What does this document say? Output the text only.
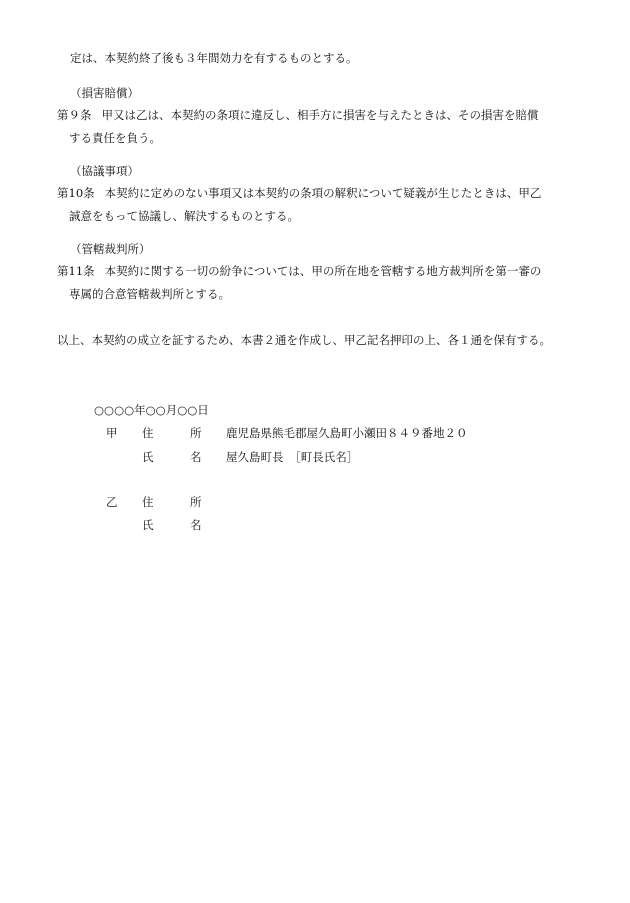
定は、本契約終了後も３年間効力を有するものとする。
（損害賠償）
第９条 甲又は乙は、本契約の条項に違反し、相手方に損害を与えたときは、その損害を賠償
する責任を負う。
（協議事項）
第10条 本契約に定めのない事項又は本契約の条項の解釈について疑義が生じたときは、甲乙
誠意をもって協議し、解決するものとする。
（管轄裁判所）
第11条 本契約に関する一切の紛争については、甲の所在地を管轄する地方裁判所を第一審の
専属的合意管轄裁判所とする。
以上、本契約の成立を証するため、本書２通を作成し、甲乙記名押印の上、各１通を保有する。
○○○○年○○月○○日
甲 住	所 鹿児島県熊毛郡屋久島町小瀬田８４９番地２０
氏	名 屋久島町長　［町長氏名］
乙 住	所
氏	名
